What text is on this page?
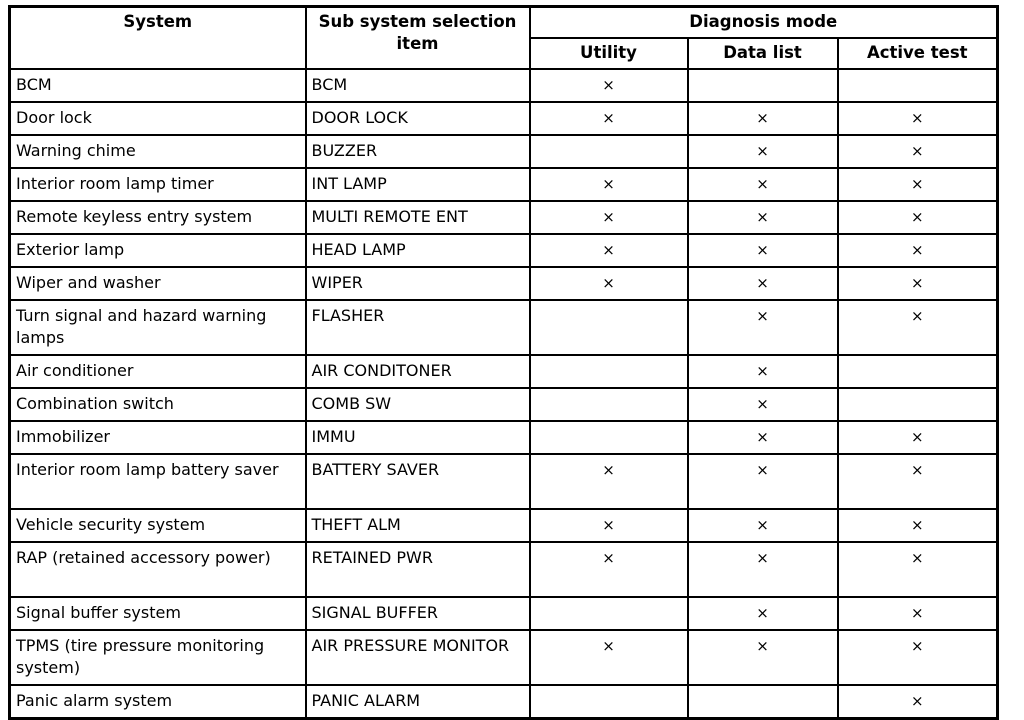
System	Sub system selection item	Diagnosis mode		
		Utility	Data list	Active test
BCM	BCM	×		
Door lock	DOOR LOCK	×	×	×
Warning chime	BUZZER		×	×
Interior room lamp timer	INT LAMP	×	×	×
Remote keyless entry system	MULTI REMOTE ENT	×	×	×
Exterior lamp	HEAD LAMP	×	×	×
Wiper and washer	WIPER	×	×	×
Turn signal and hazard warning lamps	FLASHER		×	×
Air conditioner	AIR CONDITONER		×	
Combination switch	COMB SW		×	
Immobilizer	IMMU		×	×
Interior room lamp battery saver	BATTERY SAVER	×	×	×
Vehicle security system	THEFT ALM	×	×	×
RAP (retained accessory power)	RETAINED PWR	×	×	×
Signal buffer system	SIGNAL BUFFER		×	×
TPMS (tire pressure monitoring system)	AIR PRESSURE MONITOR	×	×	×
Panic alarm system	PANIC ALARM			×
